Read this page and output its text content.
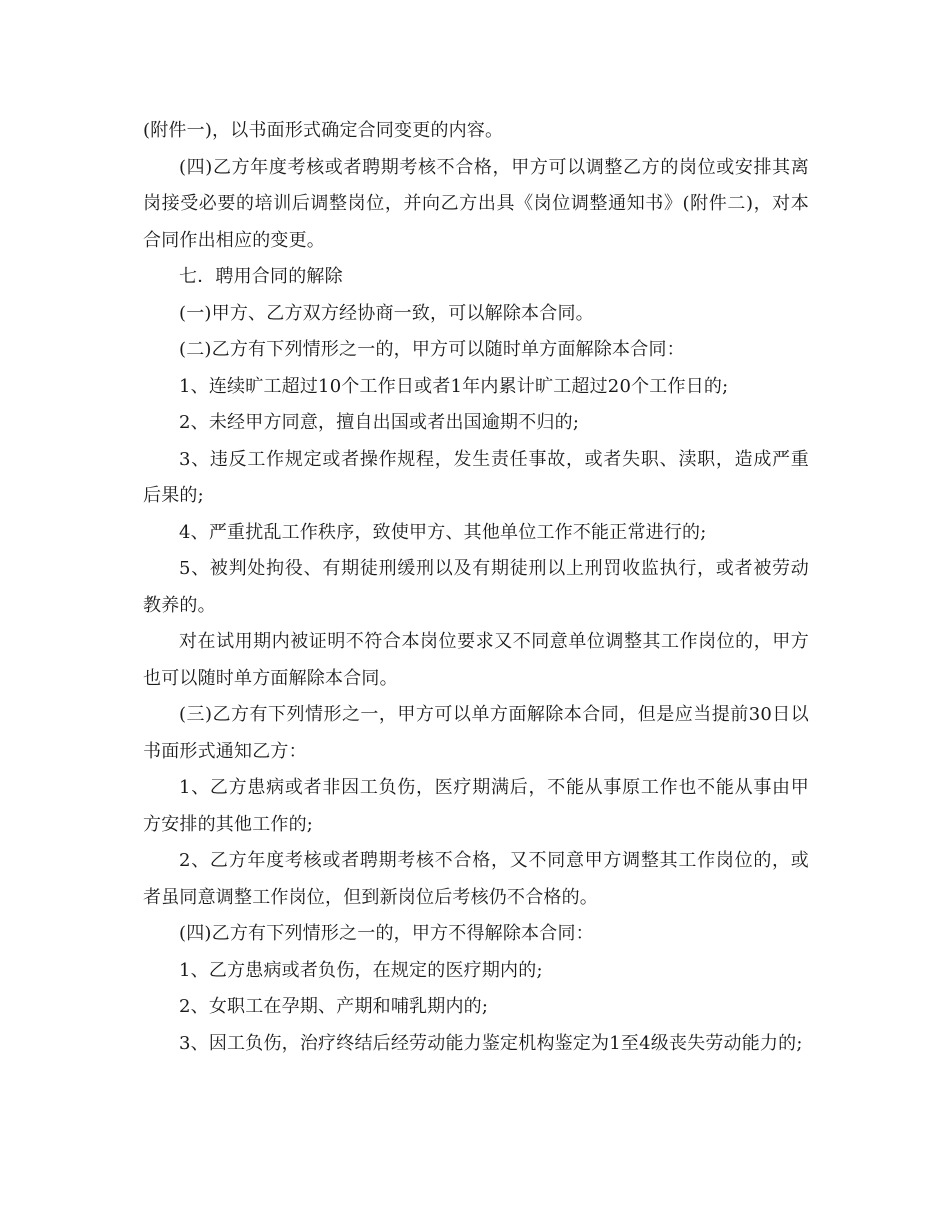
(附件一)，以书面形式确定合同变更的内容。

(四)乙方年度考核或者聘期考核不合格，甲方可以调整乙方的岗位或安排其离岗接受必要的培训后调整岗位，并向乙方出具《岗位调整通知书》(附件二)，对本合同作出相应的变更。

七．聘用合同的解除

(一)甲方、乙方双方经协商一致，可以解除本合同。

(二)乙方有下列情形之一的，甲方可以随时单方面解除本合同：

1、连续旷工超过10个工作日或者1年内累计旷工超过20个工作日的;

2、未经甲方同意，擅自出国或者出国逾期不归的;

3、违反工作规定或者操作规程，发生责任事故，或者失职、渎职，造成严重后果的;

4、严重扰乱工作秩序，致使甲方、其他单位工作不能正常进行的;

5、被判处拘役、有期徒刑缓刑以及有期徒刑以上刑罚收监执行，或者被劳动教养的。

对在试用期内被证明不符合本岗位要求又不同意单位调整其工作岗位的，甲方也可以随时单方面解除本合同。

(三)乙方有下列情形之一，甲方可以单方面解除本合同，但是应当提前30日以书面形式通知乙方：

1、乙方患病或者非因工负伤，医疗期满后，不能从事原工作也不能从事由甲方安排的其他工作的;

2、乙方年度考核或者聘期考核不合格，又不同意甲方调整其工作岗位的，或者虽同意调整工作岗位，但到新岗位后考核仍不合格的。

(四)乙方有下列情形之一的，甲方不得解除本合同：

1、乙方患病或者负伤，在规定的医疗期内的;

2、女职工在孕期、产期和哺乳期内的;

3、因工负伤，治疗终结后经劳动能力鉴定机构鉴定为1至4级丧失劳动能力的;
